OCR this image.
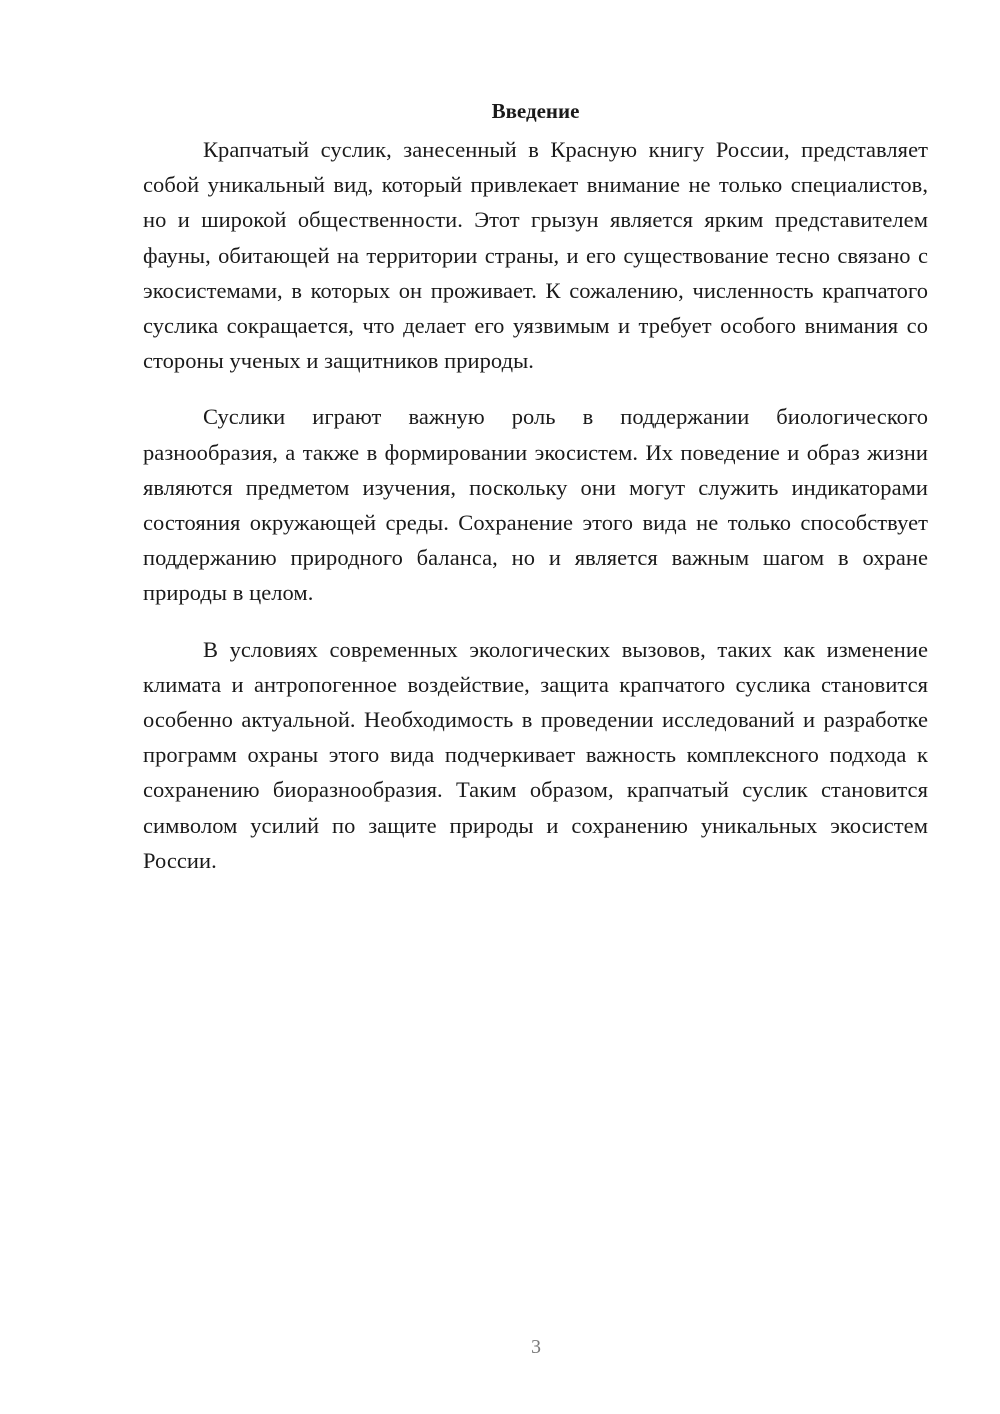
Введение

Крапчатый суслик, занесенный в Красную книгу России, представляет собой уникальный вид, который привлекает внимание не только специалистов, но и широкой общественности. Этот грызун является ярким представителем фауны, обитающей на территории страны, и его существование тесно связано с экосистемами, в которых он проживает. К сожалению, численность крапчатого суслика сокращается, что делает его уязвимым и требует особого внимания со стороны ученых и защитников природы.

Суслики играют важную роль в поддержании биологического разнообразия, а также в формировании экосистем. Их поведение и образ жизни являются предметом изучения, поскольку они могут служить индикаторами состояния окружающей среды. Сохранение этого вида не только способствует поддержанию природного баланса, но и является важным шагом в охране природы в целом.

В условиях современных экологических вызовов, таких как изменение климата и антропогенное воздействие, защита крапчатого суслика становится особенно актуальной. Необходимость в проведении исследований и разработке программ охраны этого вида подчеркивает важность комплексного подхода к сохранению биоразнообразия. Таким образом, крапчатый суслик становится символом усилий по защите природы и сохранению уникальных экосистем России.

3
